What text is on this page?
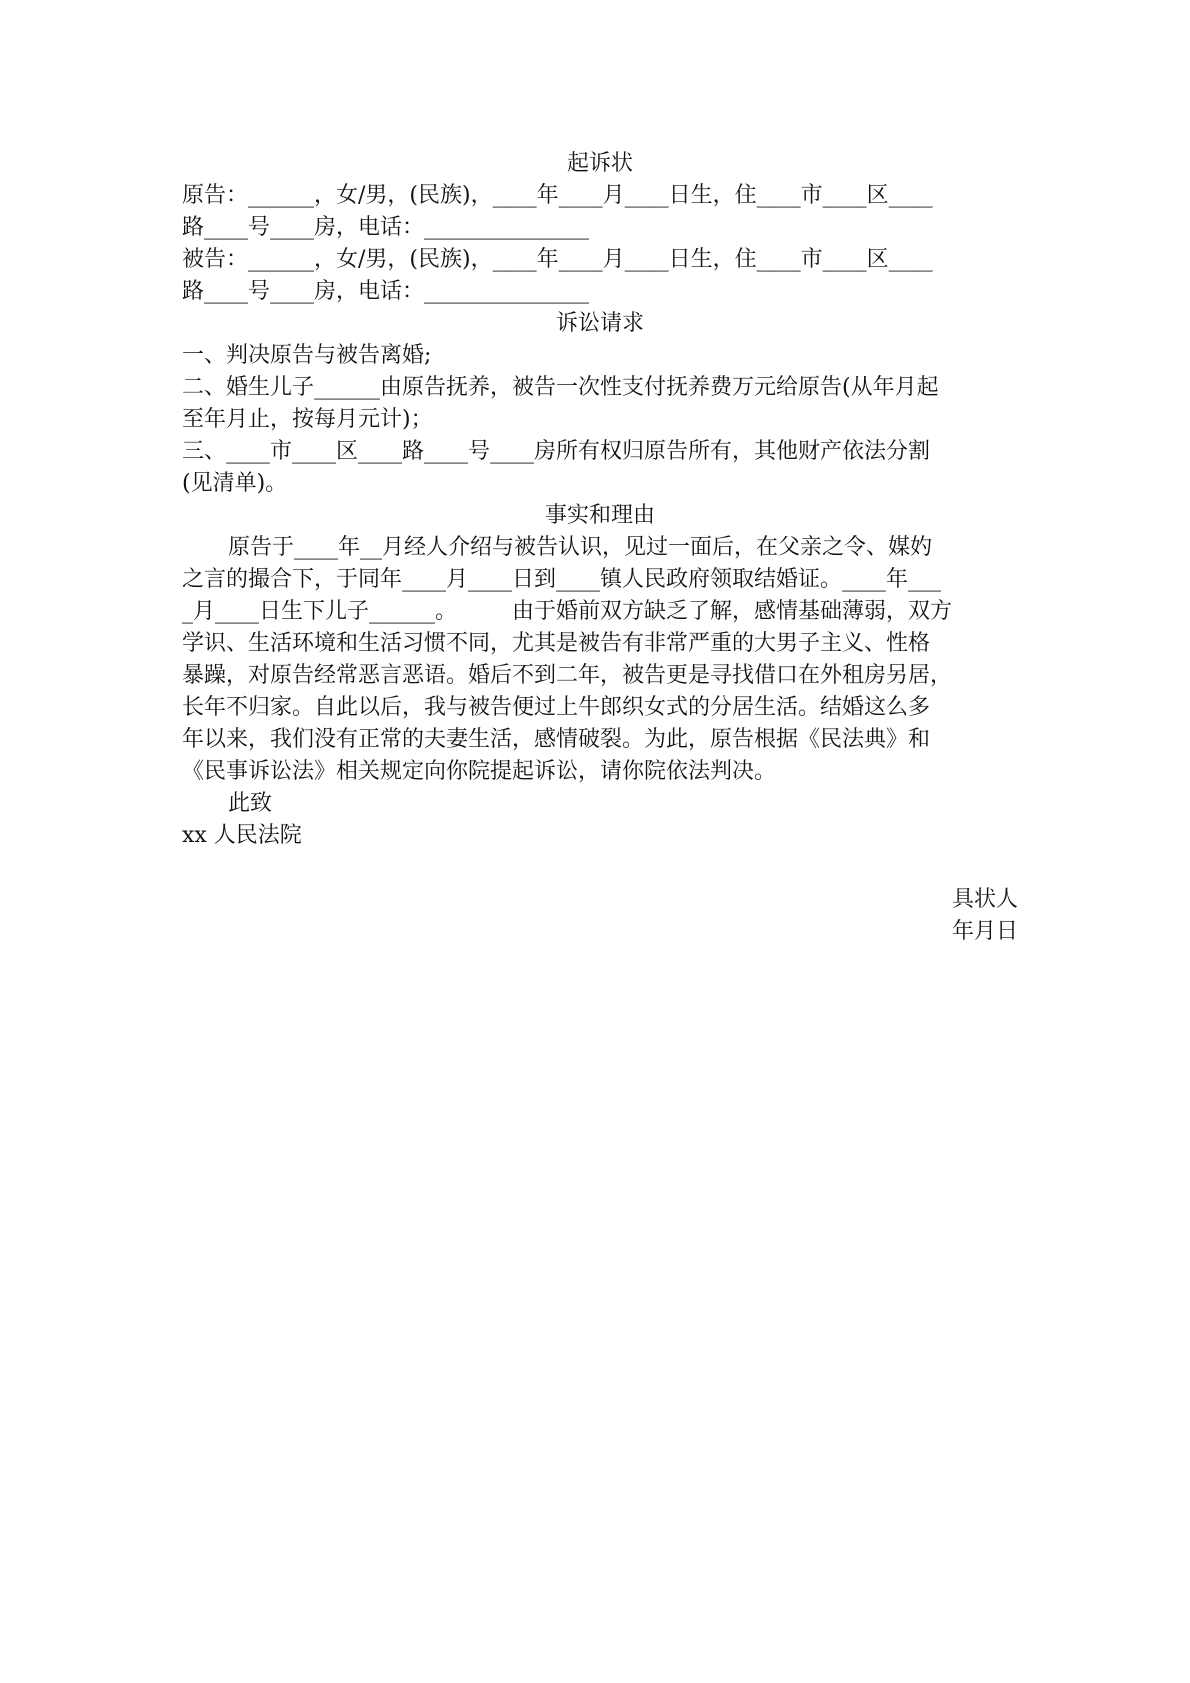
起诉状
原告：______，女/男，(民族)，____年____月____日生，住____市____区____
路____号____房，电话：_______________
被告：______，女/男，(民族)，____年____月____日生，住____市____区____
路____号____房，电话：_______________
诉讼请求
一、判决原告与被告离婚;
二、婚生儿子______由原告抚养，被告一次性支付抚养费万元给原告(从年月起
至年月止，按每月元计)；
三、____市____区____路____号____房所有权归原告所有，其他财产依法分割
(见清单)。
事实和理由
原告于____年__月经人介绍与被告认识，见过一面后，在父亲之令、媒妁
之言的撮合下，于同年____月____日到____镇人民政府领取结婚证。____年___
_月____日生下儿子______。　　　由于婚前双方缺乏了解，感情基础薄弱，双方
学识、生活环境和生活习惯不同，尤其是被告有非常严重的大男子主义、性格
暴躁，对原告经常恶言恶语。婚后不到二年，被告更是寻找借口在外租房另居，
长年不归家。自此以后，我与被告便过上牛郎织女式的分居生活。结婚这么多
年以来，我们没有正常的夫妻生活，感情破裂。为此，原告根据《民法典》和
《民事诉讼法》相关规定向你院提起诉讼，请你院依法判决。
此致
xx 人民法院
具状人
年月日
